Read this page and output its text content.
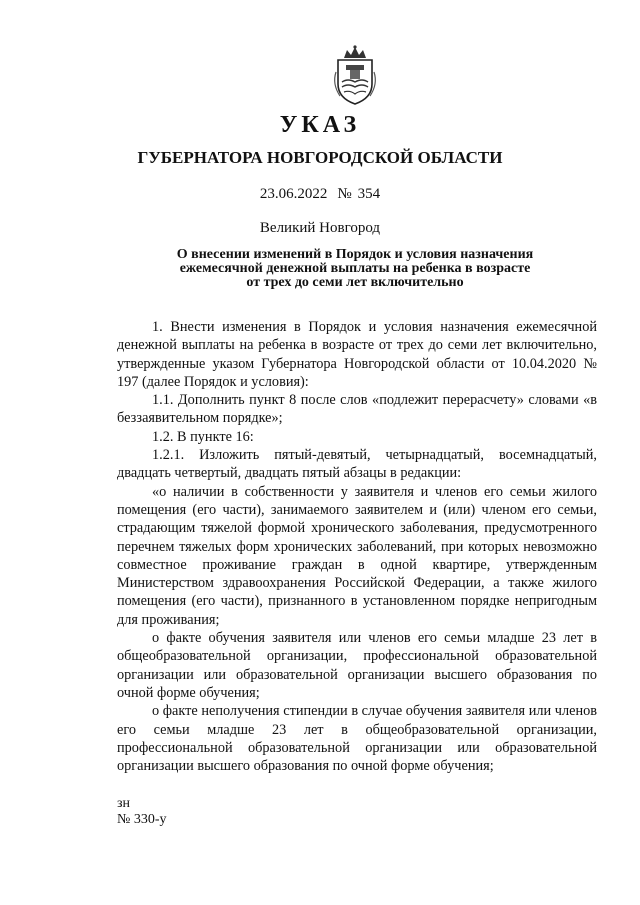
УКАЗ
ГУБЕРНАТОРА НОВГОРОДСКОЙ ОБЛАСТИ
23.06.2022 № 354
Великий Новгород
О внесении изменений в Порядок и условия назначения
ежемесячной денежной выплаты на ребенка в возрасте
от трех до семи лет включительно

1. Внести изменения в Порядок и условия назначения ежемесячной денежной выплаты на ребенка в возрасте от трех до семи лет включительно, утвержденные указом Губернатора Новгородской области от 10.04.2020 № 197 (далее Порядок и условия):

1.1. Дополнить пункт 8 после слов «подлежит перерасчету» словами «в беззаявительном порядке»;

1.2. В пункте 16:

1.2.1. Изложить пятый-девятый, четырнадцатый, восемнадцатый, двадцать четвертый, двадцать пятый абзацы в редакции:

«о наличии в собственности у заявителя и членов его семьи жилого помещения (его части), занимаемого заявителем и (или) членом его семьи, страдающим тяжелой формой хронического заболевания, предусмотренного перечнем тяжелых форм хронических заболеваний, при которых невозможно совместное проживание граждан в одной квартире, утвержденным Министерством здравоохранения Российской Федерации, а также жилого помещения (его части), признанного в установленном порядке непригодным для проживания;

о факте обучения заявителя или членов его семьи младше 23 лет в общеобразовательной организации, профессиональной образовательной организации или образовательной организации высшего образования по очной форме обучения;

о факте неполучения стипендии в случае обучения заявителя или членов его семьи младше 23 лет в общеобразовательной организации, профессиональной образовательной организации или образовательной организации высшего образования по очной форме обучения;

зн
№ 330-у
